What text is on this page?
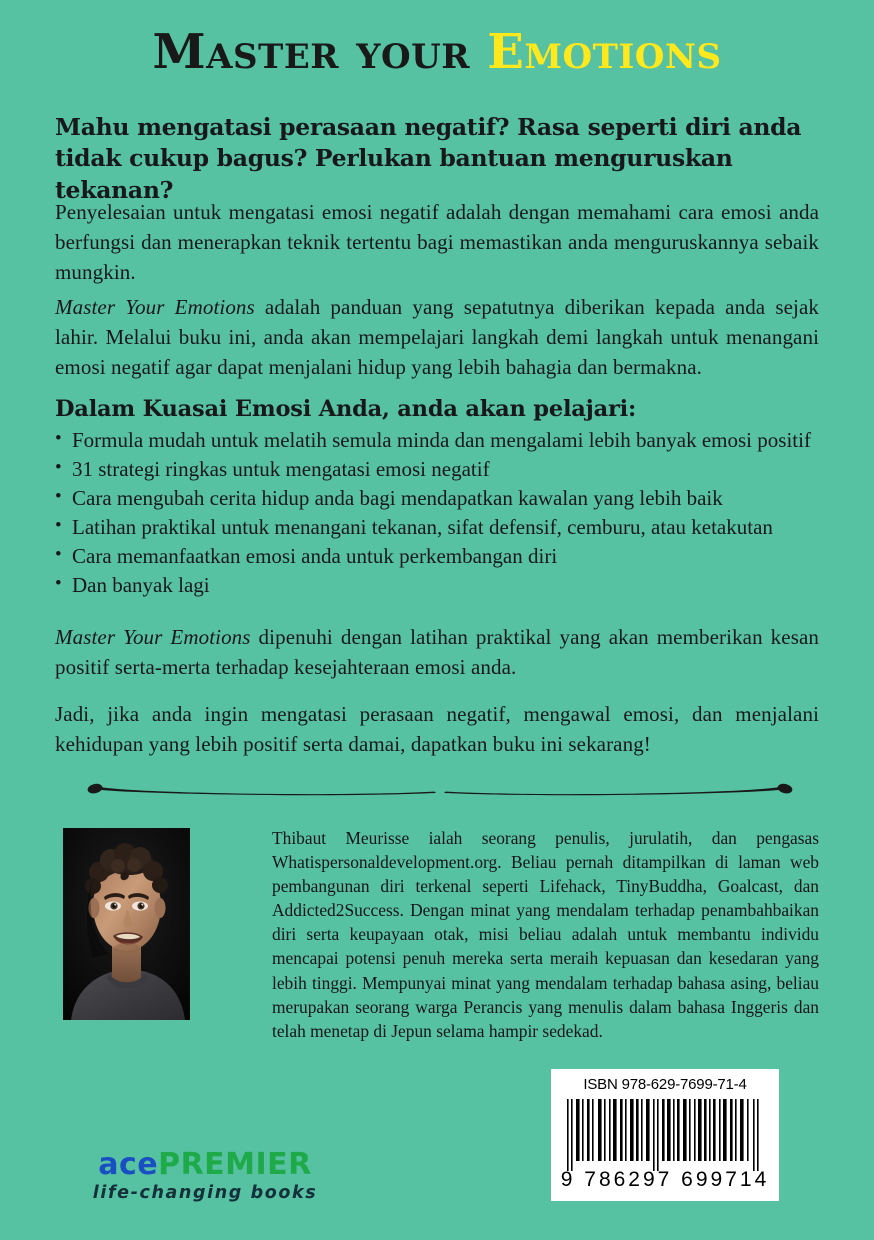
Master your Emotions
Mahu mengatasi perasaan negatif? Rasa seperti diri anda tidak cukup bagus? Perlukan bantuan menguruskan tekanan?
Penyelesaian untuk mengatasi emosi negatif adalah dengan memahami cara emosi anda berfungsi dan menerapkan teknik tertentu bagi memastikan anda menguruskannya sebaik mungkin.
Master Your Emotions adalah panduan yang sepatutnya diberikan kepada anda sejak lahir. Melalui buku ini, anda akan mempelajari langkah demi langkah untuk menangani emosi negatif agar dapat menjalani hidup yang lebih bahagia dan bermakna.
Dalam Kuasai Emosi Anda, anda akan pelajari:
• Formula mudah untuk melatih semula minda dan mengalami lebih banyak emosi positif
• 31 strategi ringkas untuk mengatasi emosi negatif
• Cara mengubah cerita hidup anda bagi mendapatkan kawalan yang lebih baik
• Latihan praktikal untuk menangani tekanan, sifat defensif, cemburu, atau ketakutan
• Cara memanfaatkan emosi anda untuk perkembangan diri
• Dan banyak lagi
Master Your Emotions dipenuhi dengan latihan praktikal yang akan memberikan kesan positif serta-merta terhadap kesejahteraan emosi anda.
Jadi, jika anda ingin mengatasi perasaan negatif, mengawal emosi, dan menjalani kehidupan yang lebih positif serta damai, dapatkan buku ini sekarang!
Thibaut Meurisse ialah seorang penulis, jurulatih, dan pengasas Whatispersonaldevelopment.org. Beliau pernah ditampilkan di laman web pembangunan diri terkenal seperti Lifehack, TinyBuddha, Goalcast, dan Addicted2Success. Dengan minat yang mendalam terhadap penambahbaikan diri serta keupayaan otak, misi beliau adalah untuk membantu individu mencapai potensi penuh mereka serta meraih kepuasan dan kesedaran yang lebih tinggi. Mempunyai minat yang mendalam terhadap bahasa asing, beliau merupakan seorang warga Perancis yang menulis dalam bahasa Inggeris dan telah menetap di Jepun selama hampir sedekad.
ISBN 978-629-7699-71-4
9 786297 699714
acePREMIER
life-changing books
